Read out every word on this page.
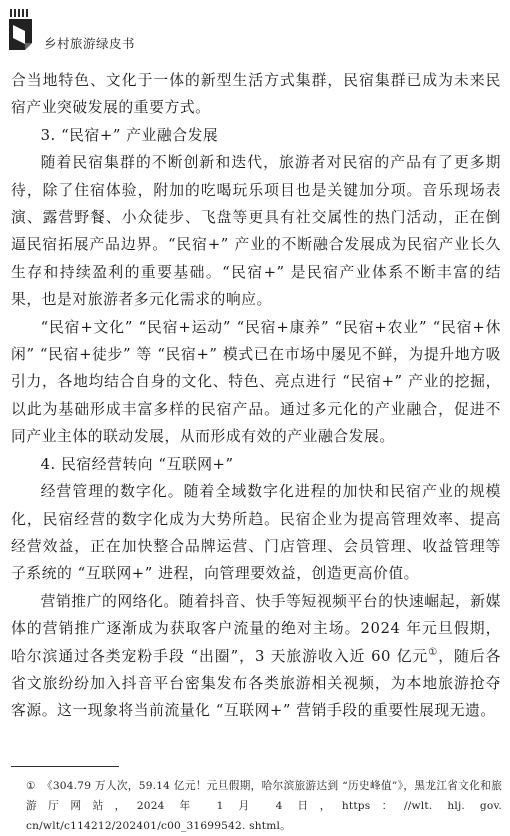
乡村旅游绿皮书

合当地特色、文化于一体的新型生活方式集群，民宿集群已成为未来民宿产业突破发展的重要方式。

3. “民宿+” 产业融合发展

随着民宿集群的不断创新和迭代，旅游者对民宿的产品有了更多期待，除了住宿体验，附加的吃喝玩乐项目也是关键加分项。音乐现场表演、露营野餐、小众徒步、飞盘等更具有社交属性的热门活动，正在倒逼民宿拓展产品边界。“民宿+” 产业的不断融合发展成为民宿产业长久生存和持续盈利的重要基础。“民宿+” 是民宿产业体系不断丰富的结果，也是对旅游者多元化需求的响应。

“民宿+文化” “民宿+运动” “民宿+康养” “民宿+农业” “民宿+休闲” “民宿+徒步” 等 “民宿+” 模式已在市场中屡见不鲜，为提升地方吸引力，各地均结合自身的文化、特色、亮点进行 “民宿+” 产业的挖掘，以此为基础形成丰富多样的民宿产品。通过多元化的产业融合，促进不同产业主体的联动发展，从而形成有效的产业融合发展。

4. 民宿经营转向 “互联网+”

经营管理的数字化。随着全域数字化进程的加快和民宿产业的规模化，民宿经营的数字化成为大势所趋。民宿企业为提高管理效率、提高经营效益，正在加快整合品牌运营、门店管理、会员管理、收益管理等子系统的 “互联网+” 进程，向管理要效益，创造更高价值。

营销推广的网络化。随着抖音、快手等短视频平台的快速崛起，新媒体的营销推广逐渐成为获取客户流量的绝对主场。2024 年元旦假期，哈尔滨通过各类宠粉手段 “出圈”，3 天旅游收入近 60 亿元①，随后各省文旅纷纷加入抖音平台密集发布各类旅游相关视频，为本地旅游抢夺客源。这一现象将当前流量化 “互联网+” 营销手段的重要性展现无遗。

① 《304.79 万人次，59.14 亿元！元旦假期，哈尔滨旅游达到 “历史峰值”》，黑龙江省文化和旅游厅网站，2024 年 1 月 4 日，https：//wlt. hlj. gov. cn/wlt/c114212/202401/c00_31699542. shtml。
